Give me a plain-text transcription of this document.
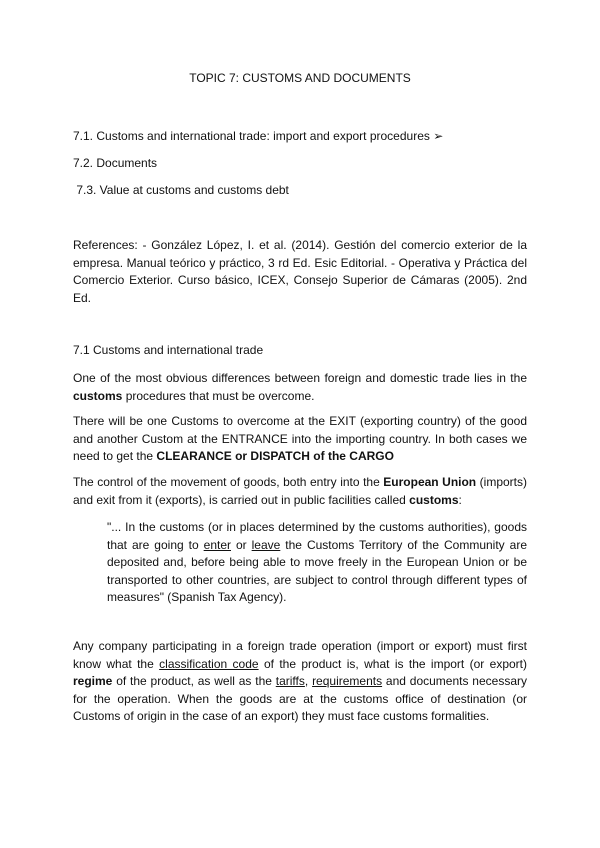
TOPIC 7: CUSTOMS AND DOCUMENTS
7.1. Customs and international trade: import and export procedures ➢
7.2. Documents
7.3. Value at customs and customs debt

References: - González López, I. et al. (2014). Gestión del comercio exterior de la empresa. Manual teórico y práctico, 3 rd Ed. Esic Editorial. - Operativa y Práctica del Comercio Exterior. Curso básico, ICEX, Consejo Superior de Cámaras (2005). 2nd Ed.

7.1 Customs and international trade

One of the most obvious differences between foreign and domestic trade lies in the customs procedures that must be overcome.

There will be one Customs to overcome at the EXIT (exporting country) of the good and another Custom at the ENTRANCE into the importing country. In both cases we need to get the CLEARANCE or DISPATCH of the CARGO

The control of the movement of goods, both entry into the European Union (imports) and exit from it (exports), is carried out in public facilities called customs:

"... In the customs (or in places determined by the customs authorities), goods that are going to enter or leave the Customs Territory of the Community are deposited and, before being able to move freely in the European Union or be transported to other countries, are subject to control through different types of measures" (Spanish Tax Agency).

Any company participating in a foreign trade operation (import or export) must first know what the classification code of the product is, what is the import (or export) regime of the product, as well as the tariffs, requirements and documents necessary for the operation. When the goods are at the customs office of destination (or Customs of origin in the case of an export) they must face customs formalities.
